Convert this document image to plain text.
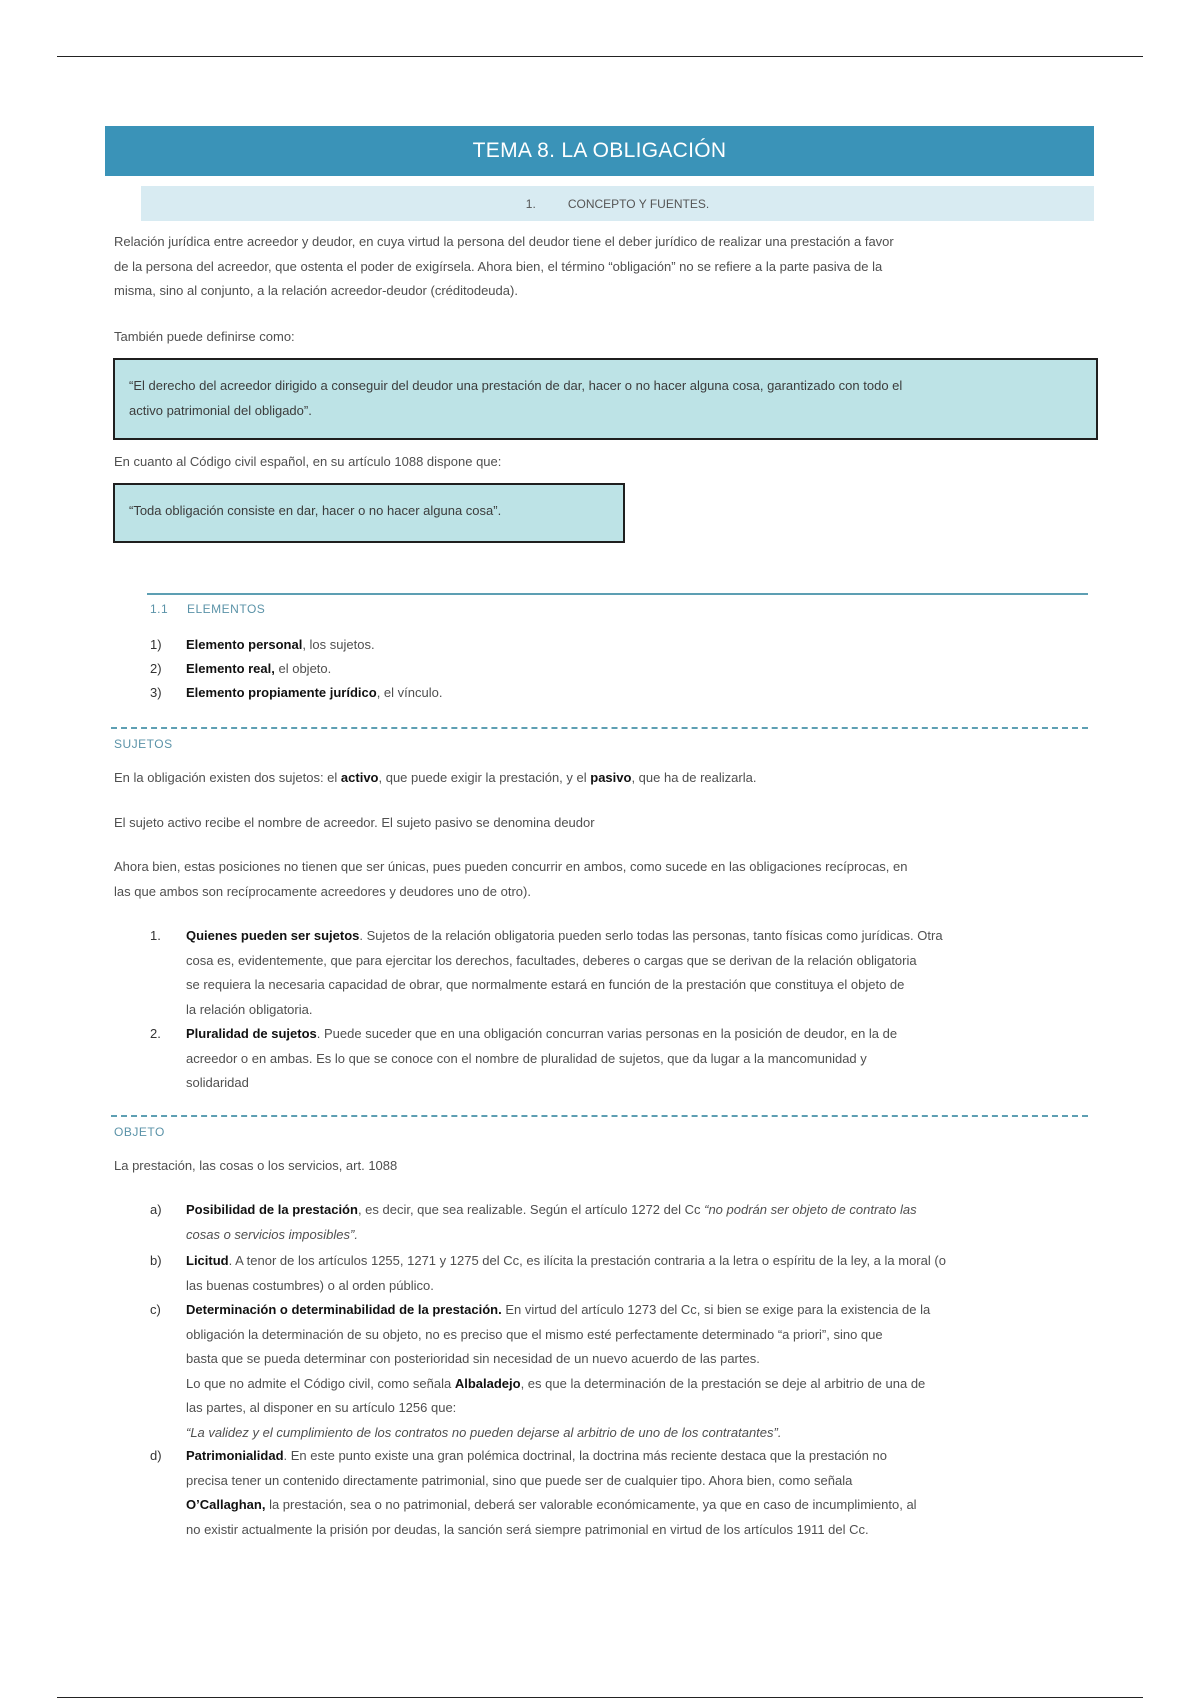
TEMA 8. LA OBLIGACIÓN
1.	CONCEPTO Y FUENTES.
Relación jurídica entre acreedor y deudor, en cuya virtud la persona del deudor tiene el deber jurídico de realizar una prestación a favor
de la persona del acreedor, que ostenta el poder de exigírsela. Ahora bien, el término “obligación” no se refiere a la parte pasiva de la
misma, sino al conjunto, a la relación acreedor-deudor (créditodeuda).
También puede definirse como:
“El derecho del acreedor dirigido a conseguir del deudor una prestación de dar, hacer o no hacer alguna cosa, garantizado con todo el
activo patrimonial del obligado”.
En cuanto al Código civil español, en su artículo 1088 dispone que:
“Toda obligación consiste en dar, hacer o no hacer alguna cosa”.
1.1 ELEMENTOS
1) Elemento personal, los sujetos.
2) Elemento real, el objeto.
3) Elemento propiamente jurídico, el vínculo.
SUJETOS
En la obligación existen dos sujetos: el activo, que puede exigir la prestación, y el pasivo, que ha de realizarla.
El sujeto activo recibe el nombre de acreedor. El sujeto pasivo se denomina deudor
Ahora bien, estas posiciones no tienen que ser únicas, pues pueden concurrir en ambos, como sucede en las obligaciones recíprocas, en
las que ambos son recíprocamente acreedores y deudores uno de otro).
1. Quienes pueden ser sujetos. Sujetos de la relación obligatoria pueden serlo todas las personas, tanto físicas como jurídicas. Otra
cosa es, evidentemente, que para ejercitar los derechos, facultades, deberes o cargas que se derivan de la relación obligatoria
se requiera la necesaria capacidad de obrar, que normalmente estará en función de la prestación que constituya el objeto de
la relación obligatoria.
2. Pluralidad de sujetos. Puede suceder que en una obligación concurran varias personas en la posición de deudor, en la de
acreedor o en ambas. Es lo que se conoce con el nombre de pluralidad de sujetos, que da lugar a la mancomunidad y
solidaridad
OBJETO
La prestación, las cosas o los servicios, art. 1088
a) Posibilidad de la prestación, es decir, que sea realizable. Según el artículo 1272 del Cc “no podrán ser objeto de contrato las
cosas o servicios imposibles”.
b) Licitud. A tenor de los artículos 1255, 1271 y 1275 del Cc, es ilícita la prestación contraria a la letra o espíritu de la ley, a la moral (o
las buenas costumbres) o al orden público.
c) Determinación o determinabilidad de la prestación. En virtud del artículo 1273 del Cc, si bien se exige para la existencia de la
obligación la determinación de su objeto, no es preciso que el mismo esté perfectamente determinado “a priori”, sino que
basta que se pueda determinar con posterioridad sin necesidad de un nuevo acuerdo de las partes.
Lo que no admite el Código civil, como señala Albaladejo, es que la determinación de la prestación se deje al arbitrio de una de
las partes, al disponer en su artículo 1256 que:
“La validez y el cumplimiento de los contratos no pueden dejarse al arbitrio de uno de los contratantes”.
d) Patrimonialidad. En este punto existe una gran polémica doctrinal, la doctrina más reciente destaca que la prestación no
precisa tener un contenido directamente patrimonial, sino que puede ser de cualquier tipo. Ahora bien, como señala
O’Callaghan, la prestación, sea o no patrimonial, deberá ser valorable económicamente, ya que en caso de incumplimiento, al
no existir actualmente la prisión por deudas, la sanción será siempre patrimonial en virtud de los artículos 1911 del Cc.
